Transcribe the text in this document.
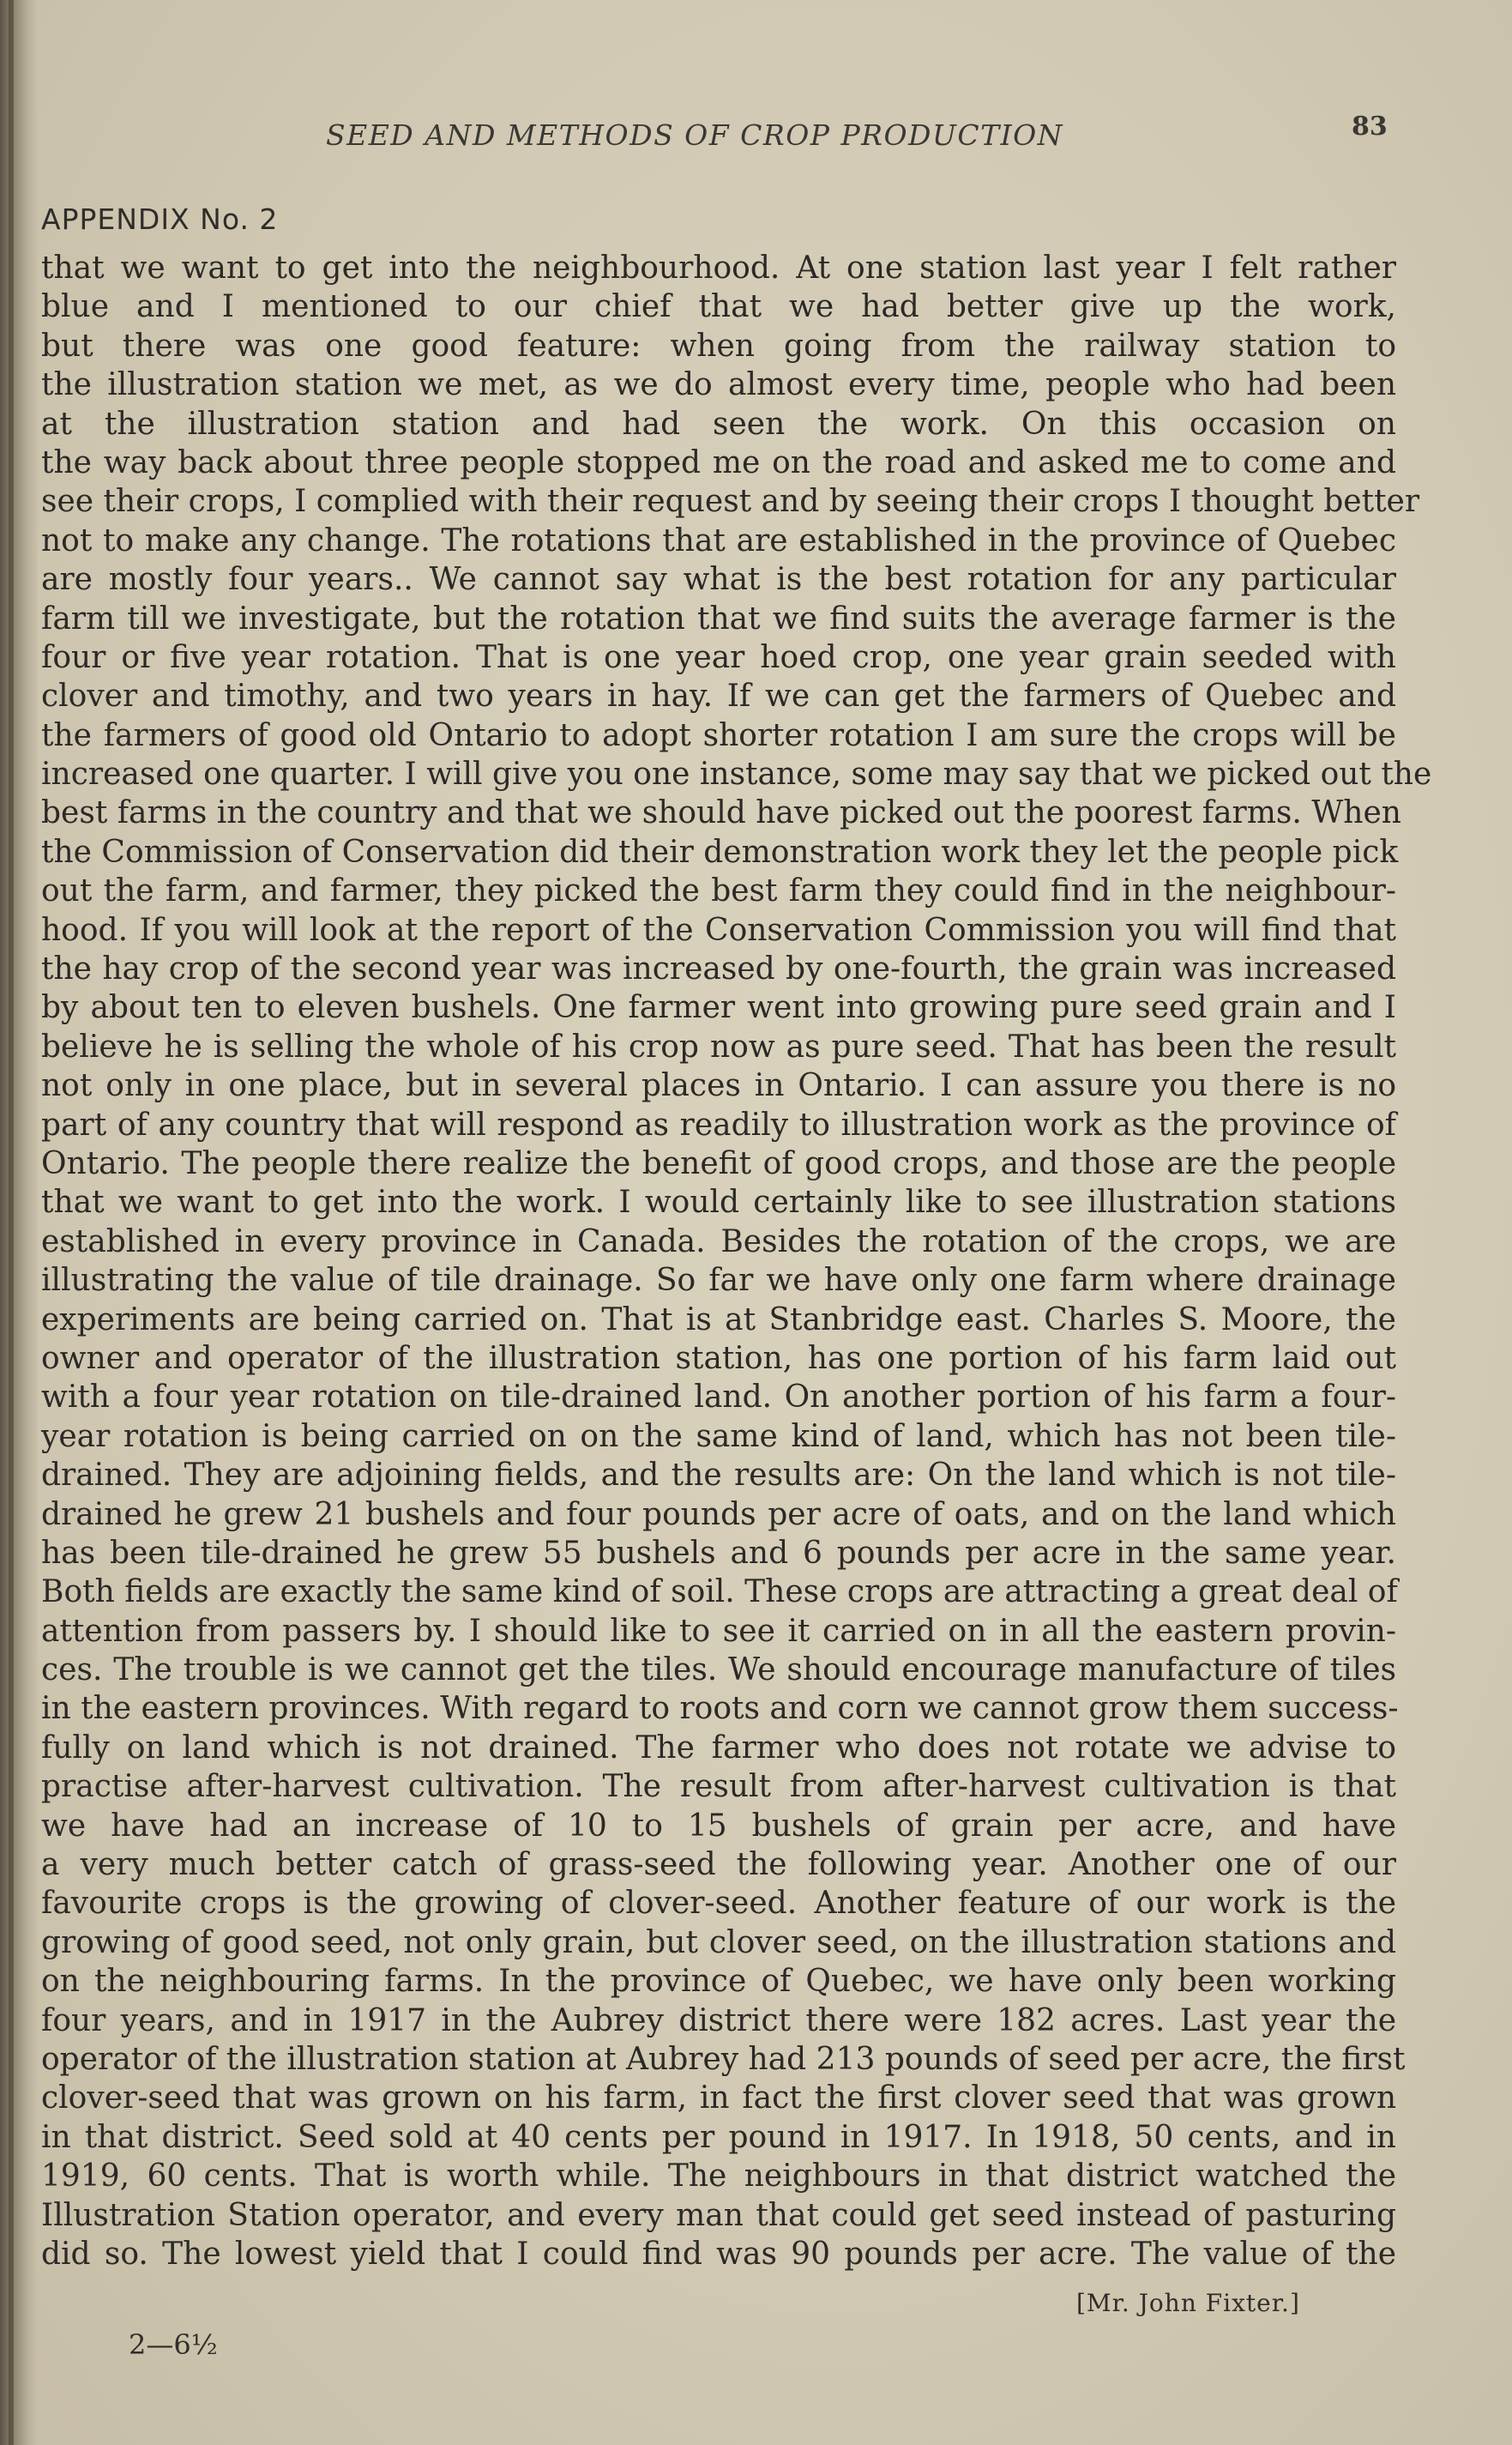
SEED AND METHODS OF CROP PRODUCTION	83
APPENDIX No. 2
that we want to get into the neighbourhood. At one station last year I felt rather
blue and I mentioned to our chief that we had better give up the work,
but there was one good feature: when going from the railway station to
the illustration station we met, as we do almost every time, people who had been
at the illustration station and had seen the work. On this occasion on
the way back about three people stopped me on the road and asked me to come and
see their crops, I complied with their request and by seeing their crops I thought better
not to make any change. The rotations that are established in the province of Quebec
are mostly four years.. We cannot say what is the best rotation for any particular
farm till we investigate, but the rotation that we find suits the average farmer is the
four or five year rotation. That is one year hoed crop, one year grain seeded with
clover and timothy, and two years in hay. If we can get the farmers of Quebec and
the farmers of good old Ontario to adopt shorter rotation I am sure the crops will be
increased one quarter. I will give you one instance, some may say that we picked out the
best farms in the country and that we should have picked out the poorest farms. When
the Commission of Conservation did their demonstration work they let the people pick
out the farm, and farmer, they picked the best farm they could find in the neighbour-
hood. If you will look at the report of the Conservation Commission you will find that
the hay crop of the second year was increased by one-fourth, the grain was increased
by about ten to eleven bushels. One farmer went into growing pure seed grain and I
believe he is selling the whole of his crop now as pure seed. That has been the result
not only in one place, but in several places in Ontario. I can assure you there is no
part of any country that will respond as readily to illustration work as the province of
Ontario. The people there realize the benefit of good crops, and those are the people
that we want to get into the work. I would certainly like to see illustration stations
established in every province in Canada. Besides the rotation of the crops, we are
illustrating the value of tile drainage. So far we have only one farm where drainage
experiments are being carried on. That is at Stanbridge east. Charles S. Moore, the
owner and operator of the illustration station, has one portion of his farm laid out
with a four year rotation on tile-drained land. On another portion of his farm a four-
year rotation is being carried on on the same kind of land, which has not been tile-
drained. They are adjoining fields, and the results are: On the land which is not tile-
drained he grew 21 bushels and four pounds per acre of oats, and on the land which
has been tile-drained he grew 55 bushels and 6 pounds per acre in the same year.
Both fields are exactly the same kind of soil. These crops are attracting a great deal of
attention from passers by. I should like to see it carried on in all the eastern provin-
ces. The trouble is we cannot get the tiles. We should encourage manufacture of tiles
in the eastern provinces. With regard to roots and corn we cannot grow them success-
fully on land which is not drained. The farmer who does not rotate we advise to
practise after-harvest cultivation. The result from after-harvest cultivation is that
we have had an increase of 10 to 15 bushels of grain per acre, and have
a very much better catch of grass-seed the following year. Another one of our
favourite crops is the growing of clover-seed. Another feature of our work is the
growing of good seed, not only grain, but clover seed, on the illustration stations and
on the neighbouring farms. In the province of Quebec, we have only been working
four years, and in 1917 in the Aubrey district there were 182 acres. Last year the
operator of the illustration station at Aubrey had 213 pounds of seed per acre, the first
clover-seed that was grown on his farm, in fact the first clover seed that was grown
in that district. Seed sold at 40 cents per pound in 1917. In 1918, 50 cents, and in
1919, 60 cents. That is worth while. The neighbours in that district watched the
Illustration Station operator, and every man that could get seed instead of pasturing
did so. The lowest yield that I could find was 90 pounds per acre. The value of the
[Mr. John Fixter.]
2—6½
